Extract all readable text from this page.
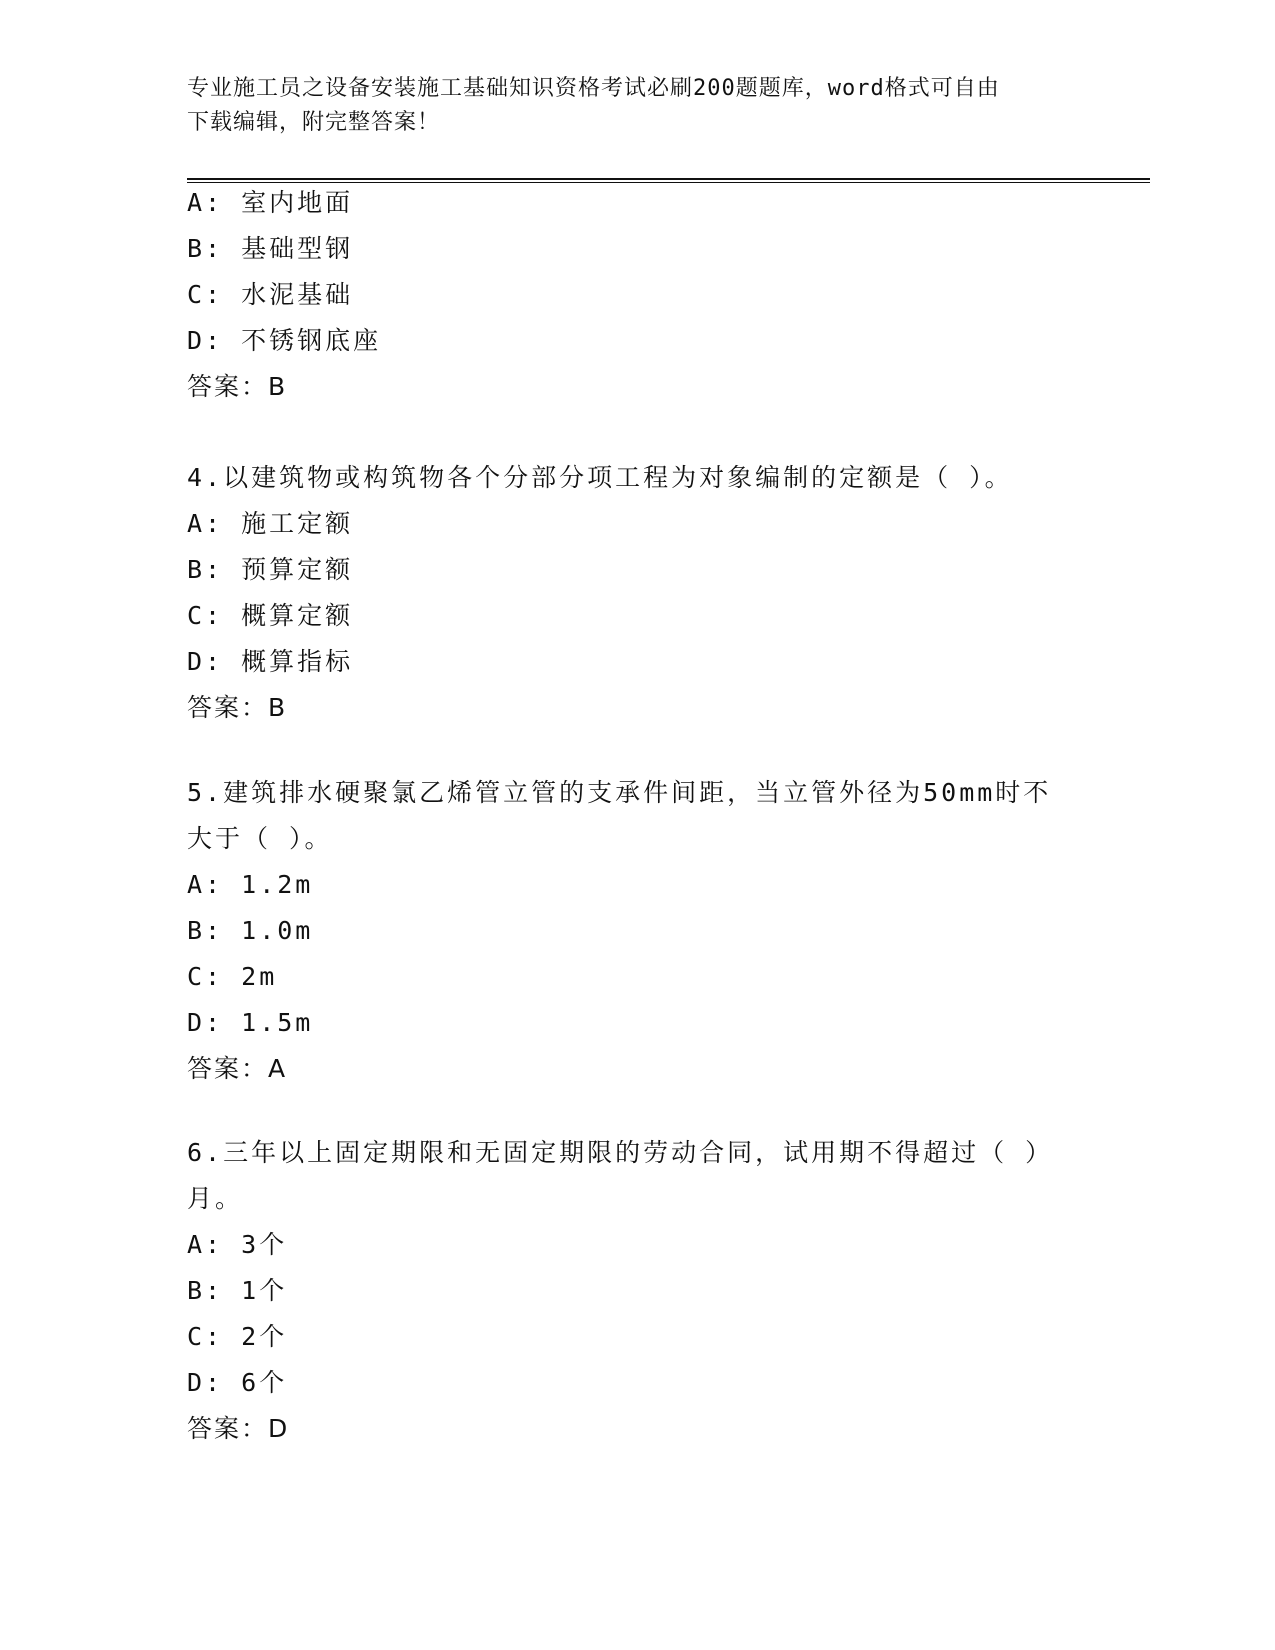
专业施工员之设备安装施工基础知识资格考试必刷200题题库，word格式可自由
下载编辑，附完整答案！
A: 室内地面
B: 基础型钢
C: 水泥基础
D: 不锈钢底座
答案：B
4.以建筑物或构筑物各个分部分项工程为对象编制的定额是（ ）。
A: 施工定额
B: 预算定额
C: 概算定额
D: 概算指标
答案：B
5.建筑排水硬聚氯乙烯管立管的支承件间距，当立管外径为50mm时不
大于（ ）。
A: 1.2m
B: 1.0m
C: 2m
D: 1.5m
答案：A
6.三年以上固定期限和无固定期限的劳动合同，试用期不得超过（ ）
月。
A: 3个
B: 1个
C: 2个
D: 6个
答案：D
